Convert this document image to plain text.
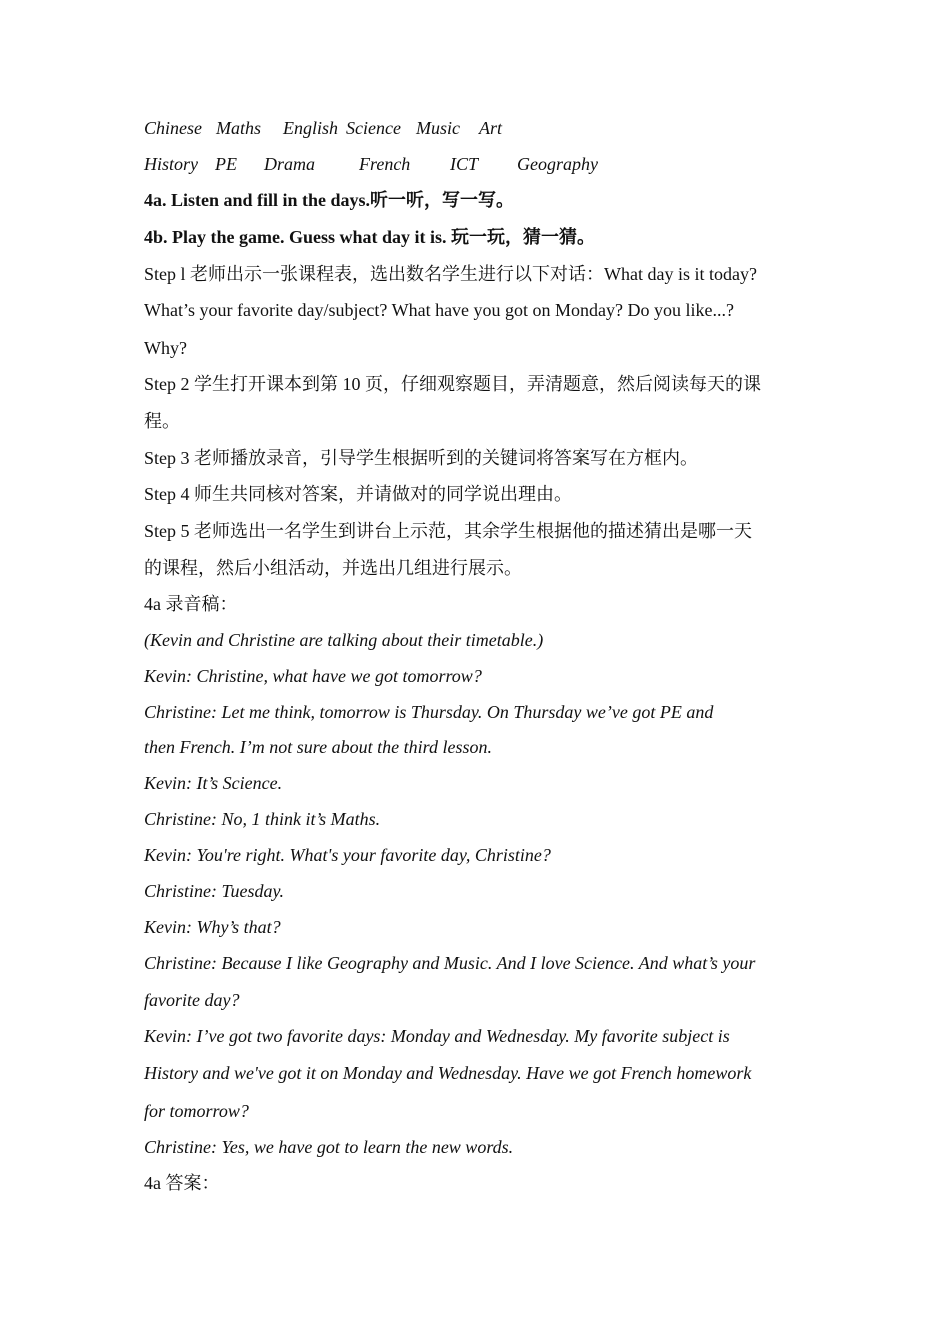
Chinese

Maths

English

Science

Music

Art

History

PE

Drama

French

ICT

Geography

4a. Listen and fill in the days.听一听，写一写。
4b. Play the game. Guess what day it is. 玩一玩，猜一猜。
Step l 老师出示一张课程表，选出数名学生进行以下对话：What day is it today?
What’s your favorite day/subject? What have you got on Monday? Do you like...?
Why?
Step 2 学生打开课本到第 10 页，仔细观察题目，弄清题意，然后阅读每天的课
程。
Step 3 老师播放录音，引导学生根据听到的关键词将答案写在方框内。
Step 4 师生共同核对答案，并请做对的同学说出理由。
Step 5 老师选出一名学生到讲台上示范，其余学生根据他的描述猜出是哪一天
的课程，然后小组活动，并选出几组进行展示。
4a 录音稿：
(Kevin and Christine are talking about their timetable.)
Kevin: Christine, what have we got tomorrow?
Christine: Let me think, tomorrow is Thursday. On Thursday we’ve got PE and
then French. I’m not sure about the third lesson.
Kevin: It’s Science.
Christine: No, 1 think it’s Maths.
Kevin: You're right. What's your favorite day, Christine?
Christine: Tuesday.
Kevin: Why’s that?
Christine: Because I like Geography and Music. And I love Science. And what’s your
favorite day?
Kevin: I’ve got two favorite days: Monday and Wednesday. My favorite subject is
History and we've got it on Monday and Wednesday. Have we got French homework
for tomorrow?
Christine: Yes, we have got to learn the new words.
4a 答案：
